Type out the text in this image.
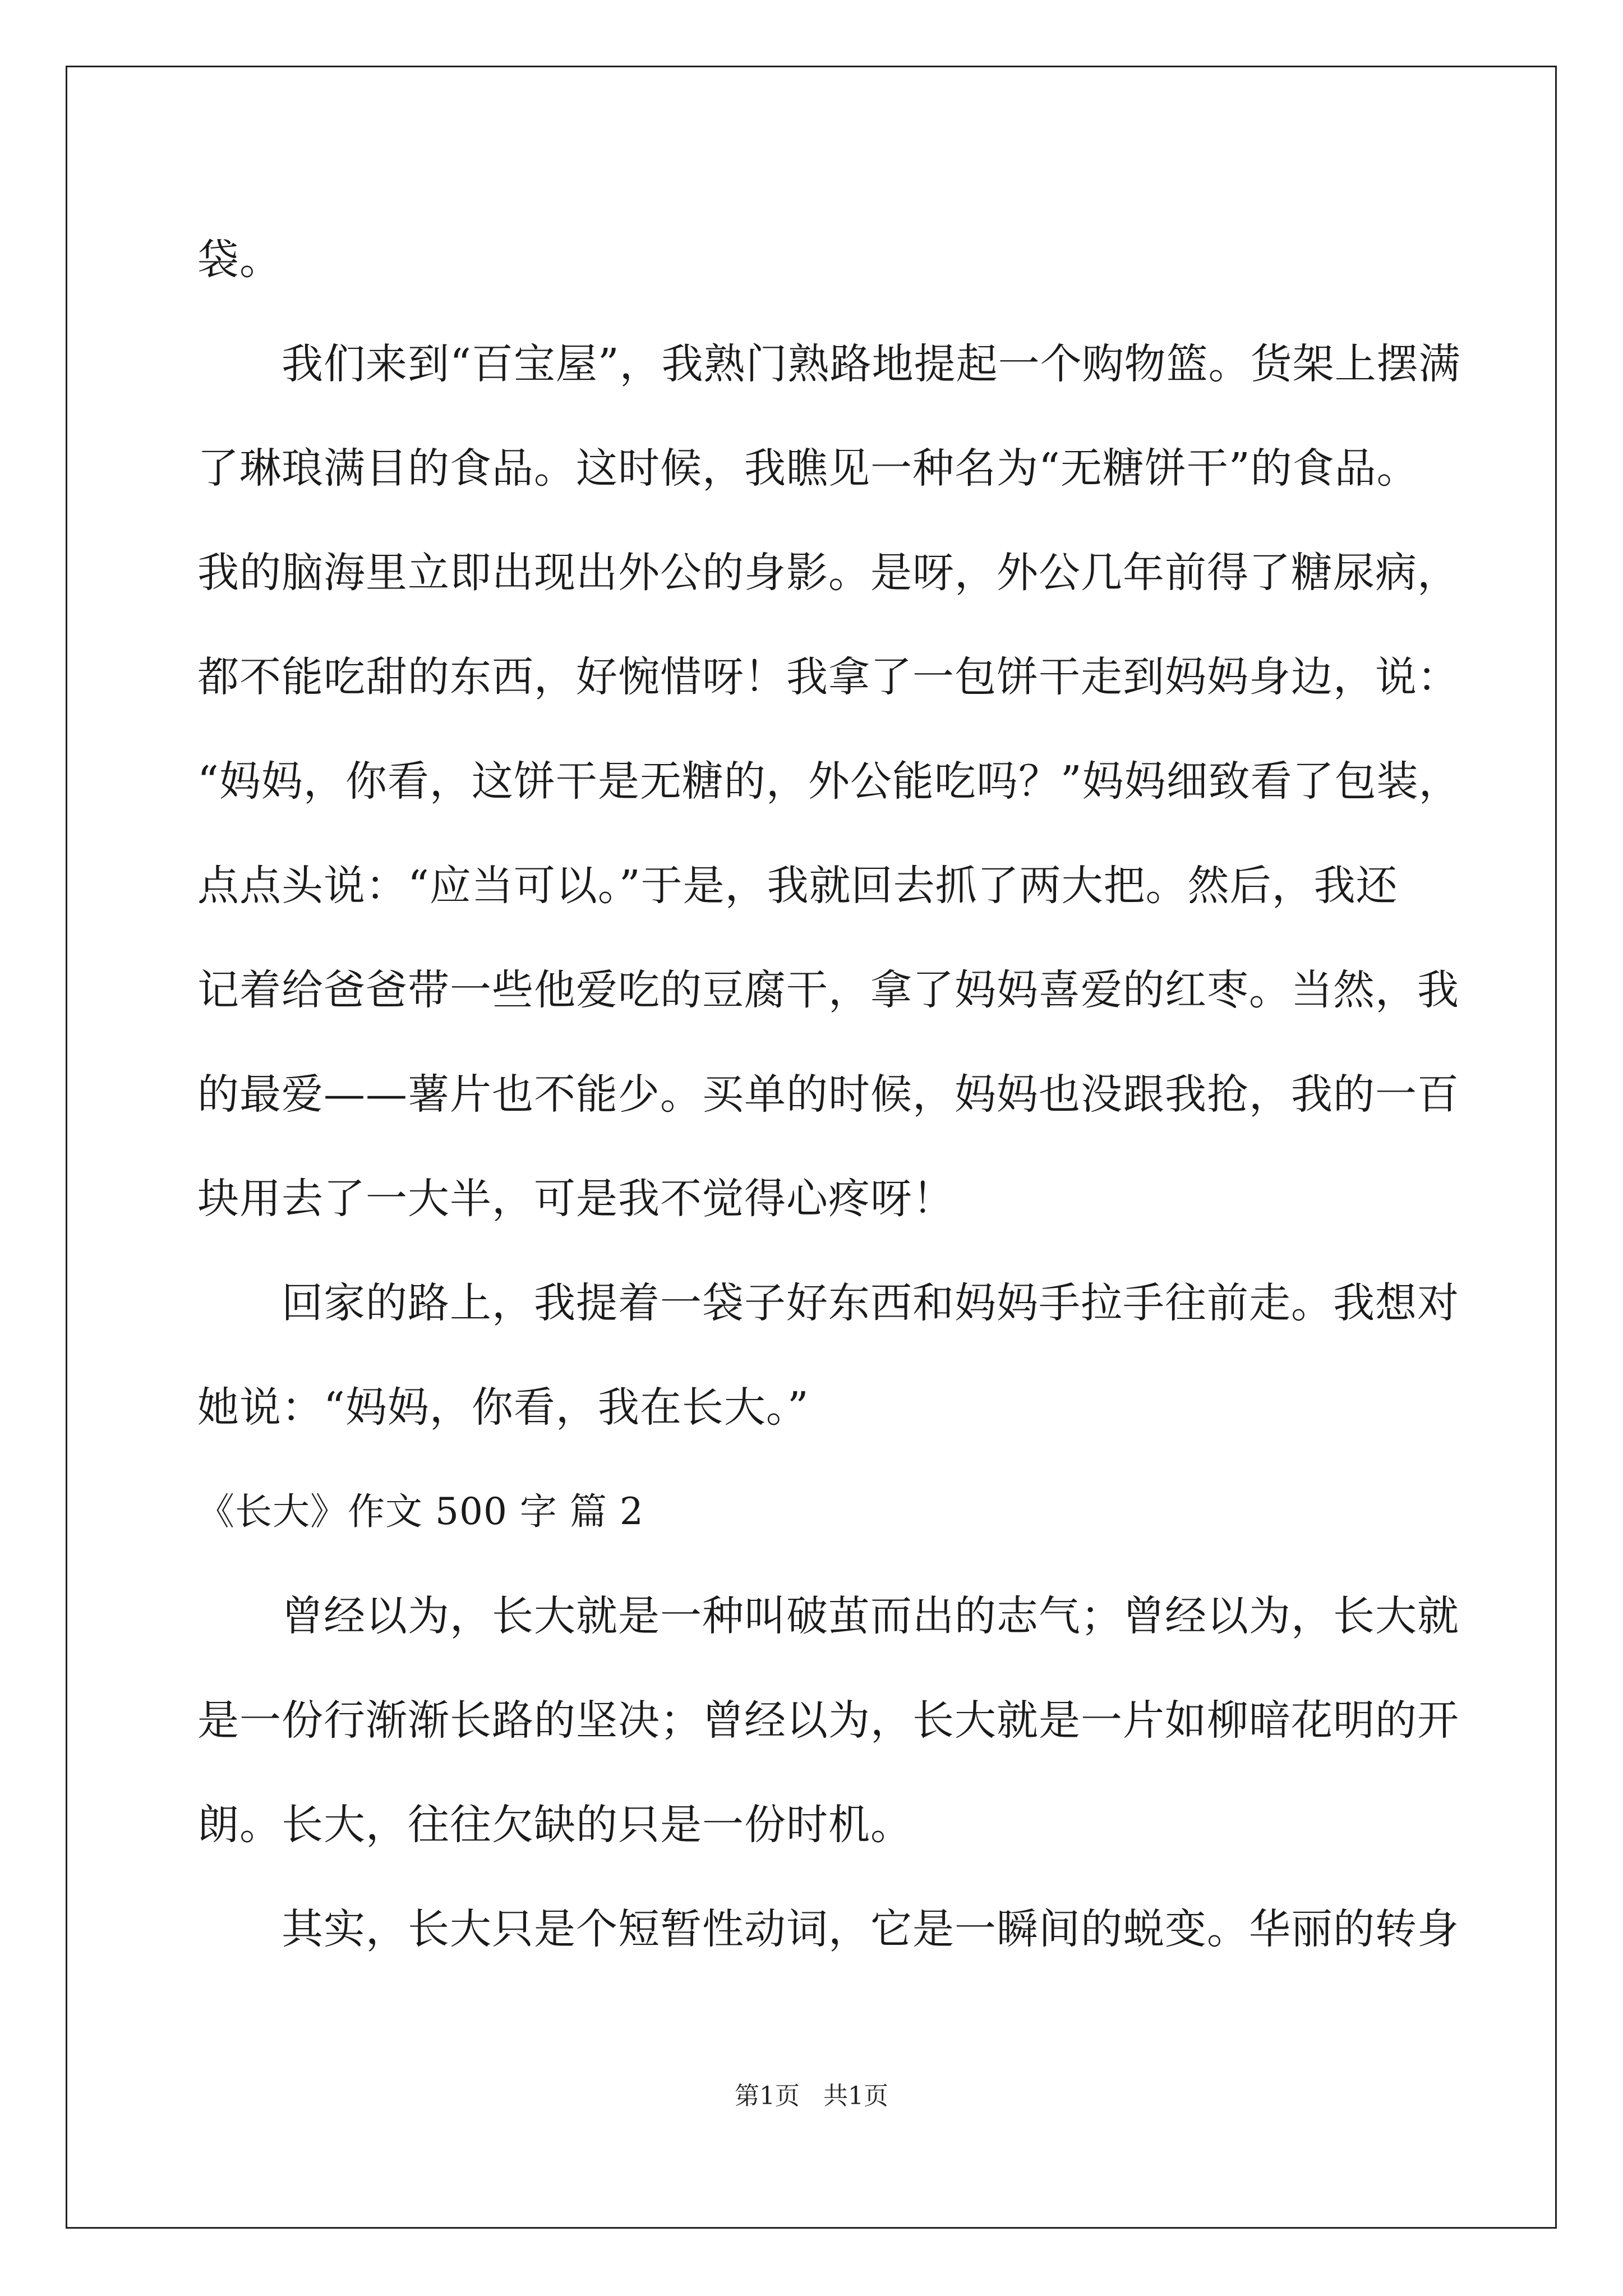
袋。
我们来到“百宝屋”，我熟门熟路地提起一个购物篮。货架上摆满
了琳琅满目的食品。这时候，我瞧见一种名为“无糖饼干”的食品。
我的脑海里立即出现出外公的身影。是呀，外公几年前得了糖尿病，
都不能吃甜的东西，好惋惜呀！我拿了一包饼干走到妈妈身边，说：
“妈妈，你看，这饼干是无糖的，外公能吃吗？”妈妈细致看了包装，
点点头说：“应当可以。”于是，我就回去抓了两大把。然后，我还
记着给爸爸带一些他爱吃的豆腐干，拿了妈妈喜爱的红枣。当然，我
的最爱——薯片也不能少。买单的时候，妈妈也没跟我抢，我的一百
块用去了一大半，可是我不觉得心疼呀！
回家的路上，我提着一袋子好东西和妈妈手拉手往前走。我想对
她说：“妈妈，你看，我在长大。”
《长大》作文 500 字 篇 2
曾经以为，长大就是一种叫破茧而出的志气；曾经以为，长大就
是一份行渐渐长路的坚决；曾经以为，长大就是一片如柳暗花明的开
朗。长大，往往欠缺的只是一份时机。
其实，长大只是个短暂性动词，它是一瞬间的蜕变。华丽的转身
第1页   共1页
